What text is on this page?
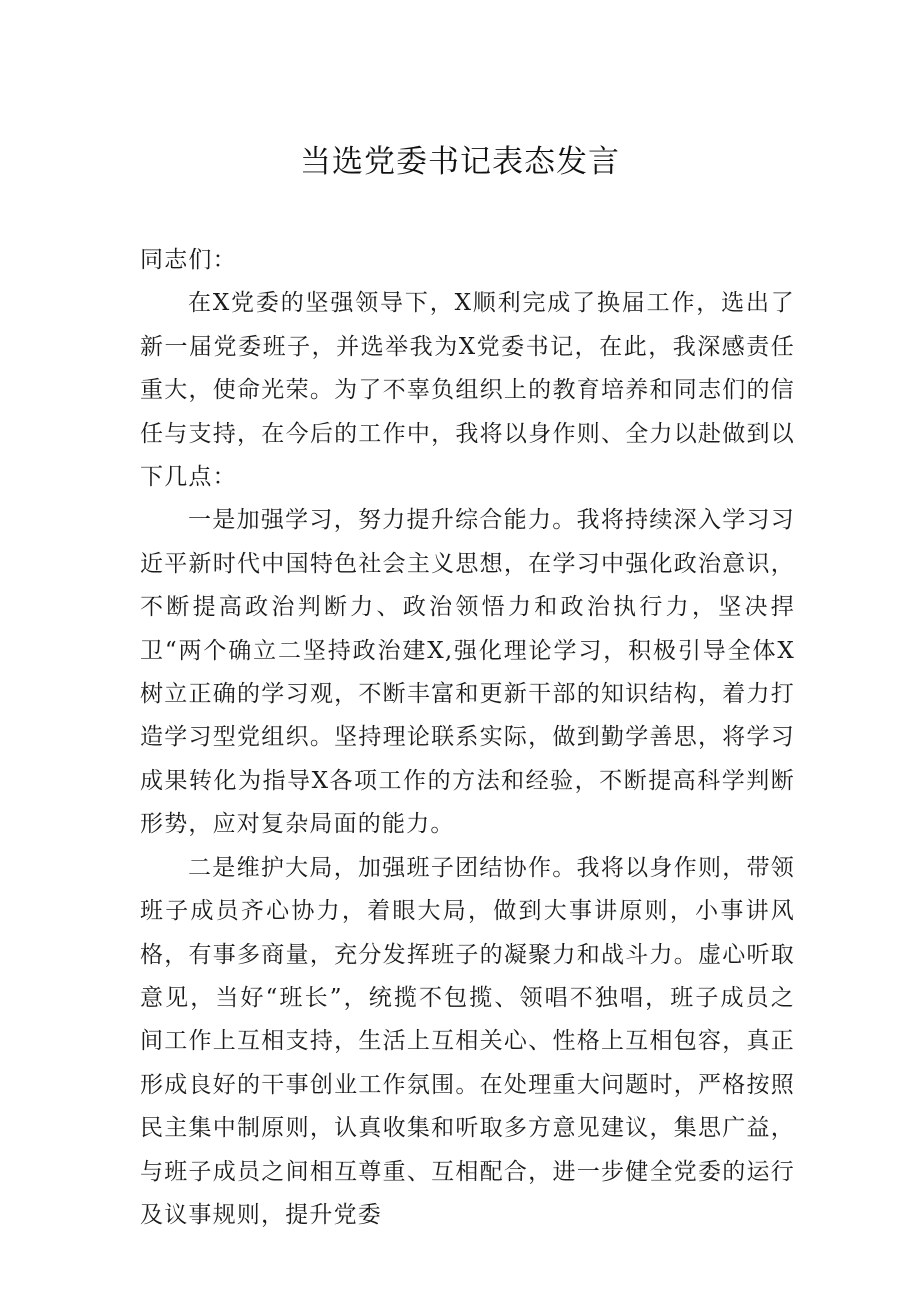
当选党委书记表态发言

同志们：

在X党委的坚强领导下，X顺利完成了换届工作，选出了新一届党委班子，并选举我为X党委书记，在此，我深感责任重大，使命光荣。为了不辜负组织上的教育培养和同志们的信任与支持，在今后的工作中，我将以身作则、全力以赴做到以下几点：

一是加强学习，努力提升综合能力。我将持续深入学习习近平新时代中国特色社会主义思想，在学习中强化政治意识，不断提高政治判断力、政治领悟力和政治执行力，坚决捍卫“两个确立二坚持政治建X,强化理论学习，积极引导全体X树立正确的学习观，不断丰富和更新干部的知识结构，着力打造学习型党组织。坚持理论联系实际，做到勤学善思，将学习成果转化为指导X各项工作的方法和经验，不断提高科学判断形势，应对复杂局面的能力。

二是维护大局，加强班子团结协作。我将以身作则，带领班子成员齐心协力，着眼大局，做到大事讲原则，小事讲风格，有事多商量，充分发挥班子的凝聚力和战斗力。虚心听取意见，当好“班长”，统揽不包揽、领唱不独唱，班子成员之间工作上互相支持，生活上互相关心、性格上互相包容，真正形成良好的干事创业工作氛围。在处理重大问题时，严格按照民主集中制原则，认真收集和听取多方意见建议，集思广益，与班子成员之间相互尊重、互相配合，进一步健全党委的运行及议事规则，提升党委
